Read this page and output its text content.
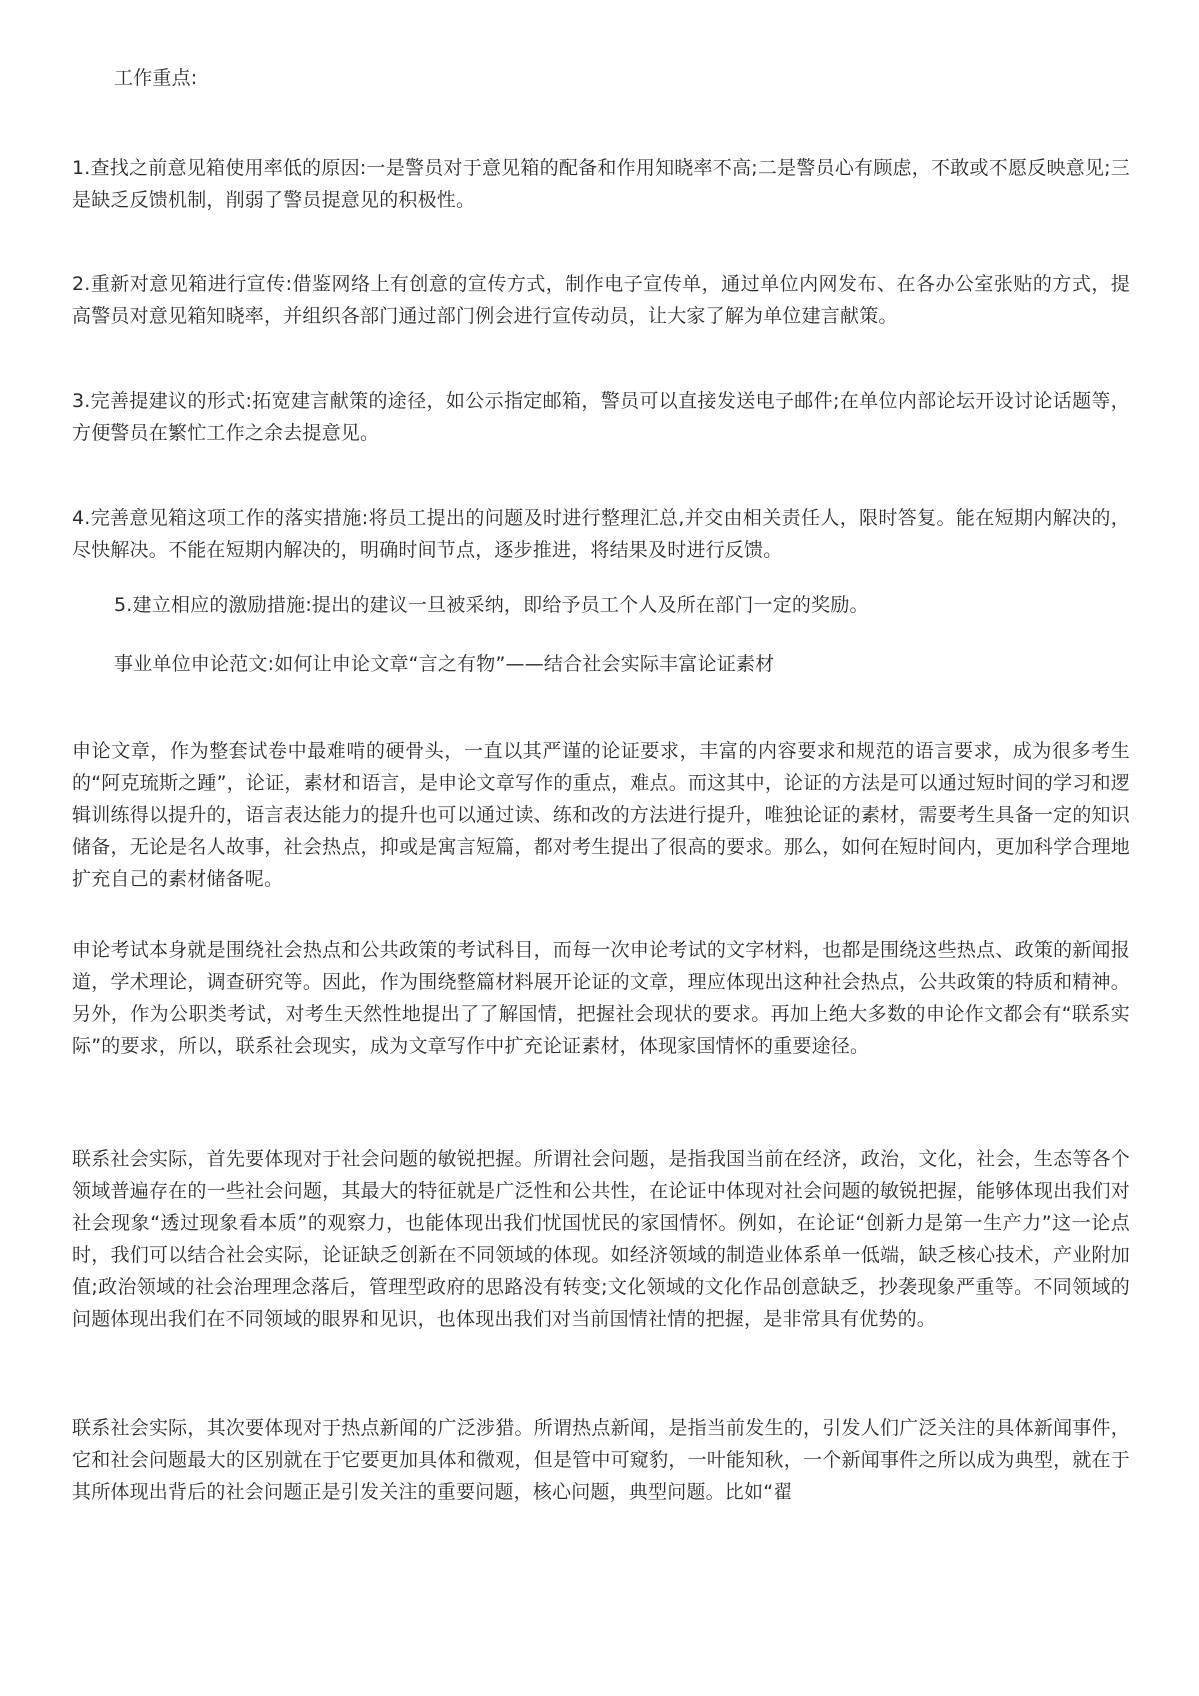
工作重点:

1.查找之前意见箱使用率低的原因:一是警员对于意见箱的配备和作用知晓率不高;二是警员心有顾虑，不敢或不愿反映意见;三是缺乏反馈机制，削弱了警员提意见的积极性。

2.重新对意见箱进行宣传:借鉴网络上有创意的宣传方式，制作电子宣传单，通过单位内网发布、在各办公室张贴的方式，提高警员对意见箱知晓率，并组织各部门通过部门例会进行宣传动员，让大家了解为单位建言献策。

3.完善提建议的形式:拓宽建言献策的途径，如公示指定邮箱，警员可以直接发送电子邮件;在单位内部论坛开设讨论话题等，方便警员在繁忙工作之余去提意见。

4.完善意见箱这项工作的落实措施:将员工提出的问题及时进行整理汇总,并交由相关责任人，限时答复。能在短期内解决的，尽快解决。不能在短期内解决的，明确时间节点，逐步推进，将结果及时进行反馈。

5.建立相应的激励措施:提出的建议一旦被采纳，即给予员工个人及所在部门一定的奖励。

事业单位申论范文:如何让申论文章“言之有物”——结合社会实际丰富论证素材

申论文章，作为整套试卷中最难啃的硬骨头，一直以其严谨的论证要求，丰富的内容要求和规范的语言要求，成为很多考生的“阿克琉斯之踵”，论证，素材和语言，是申论文章写作的重点，难点。而这其中，论证的方法是可以通过短时间的学习和逻辑训练得以提升的，语言表达能力的提升也可以通过读、练和改的方法进行提升，唯独论证的素材，需要考生具备一定的知识储备，无论是名人故事，社会热点，抑或是寓言短篇，都对考生提出了很高的要求。那么，如何在短时间内，更加科学合理地扩充自己的素材储备呢。

申论考试本身就是围绕社会热点和公共政策的考试科目，而每一次申论考试的文字材料，也都是围绕这些热点、政策的新闻报道，学术理论，调查研究等。因此，作为围绕整篇材料展开论证的文章，理应体现出这种社会热点，公共政策的特质和精神。另外，作为公职类考试，对考生天然性地提出了了解国情，把握社会现状的要求。再加上绝大多数的申论作文都会有“联系实际”的要求，所以，联系社会现实，成为文章写作中扩充论证素材，体现家国情怀的重要途径。

联系社会实际，首先要体现对于社会问题的敏锐把握。所谓社会问题，是指我国当前在经济，政治，文化，社会，生态等各个领域普遍存在的一些社会问题，其最大的特征就是广泛性和公共性，在论证中体现对社会问题的敏锐把握，能够体现出我们对社会现象“透过现象看本质”的观察力，也能体现出我们忧国忧民的家国情怀。例如，在论证“创新力是第一生产力”这一论点时，我们可以结合社会实际，论证缺乏创新在不同领域的体现。如经济领域的制造业体系单一低端，缺乏核心技术，产业附加值;政治领域的社会治理理念落后，管理型政府的思路没有转变;文化领域的文化作品创意缺乏，抄袭现象严重等。不同领域的问题体现出我们在不同领域的眼界和见识，也体现出我们对当前国情社情的把握，是非常具有优势的。

联系社会实际，其次要体现对于热点新闻的广泛涉猎。所谓热点新闻，是指当前发生的，引发人们广泛关注的具体新闻事件，它和社会问题最大的区别就在于它要更加具体和微观，但是管中可窥豹，一叶能知秋，一个新闻事件之所以成为典型，就在于其所体现出背后的社会问题正是引发关注的重要问题，核心问题，典型问题。比如“翟
